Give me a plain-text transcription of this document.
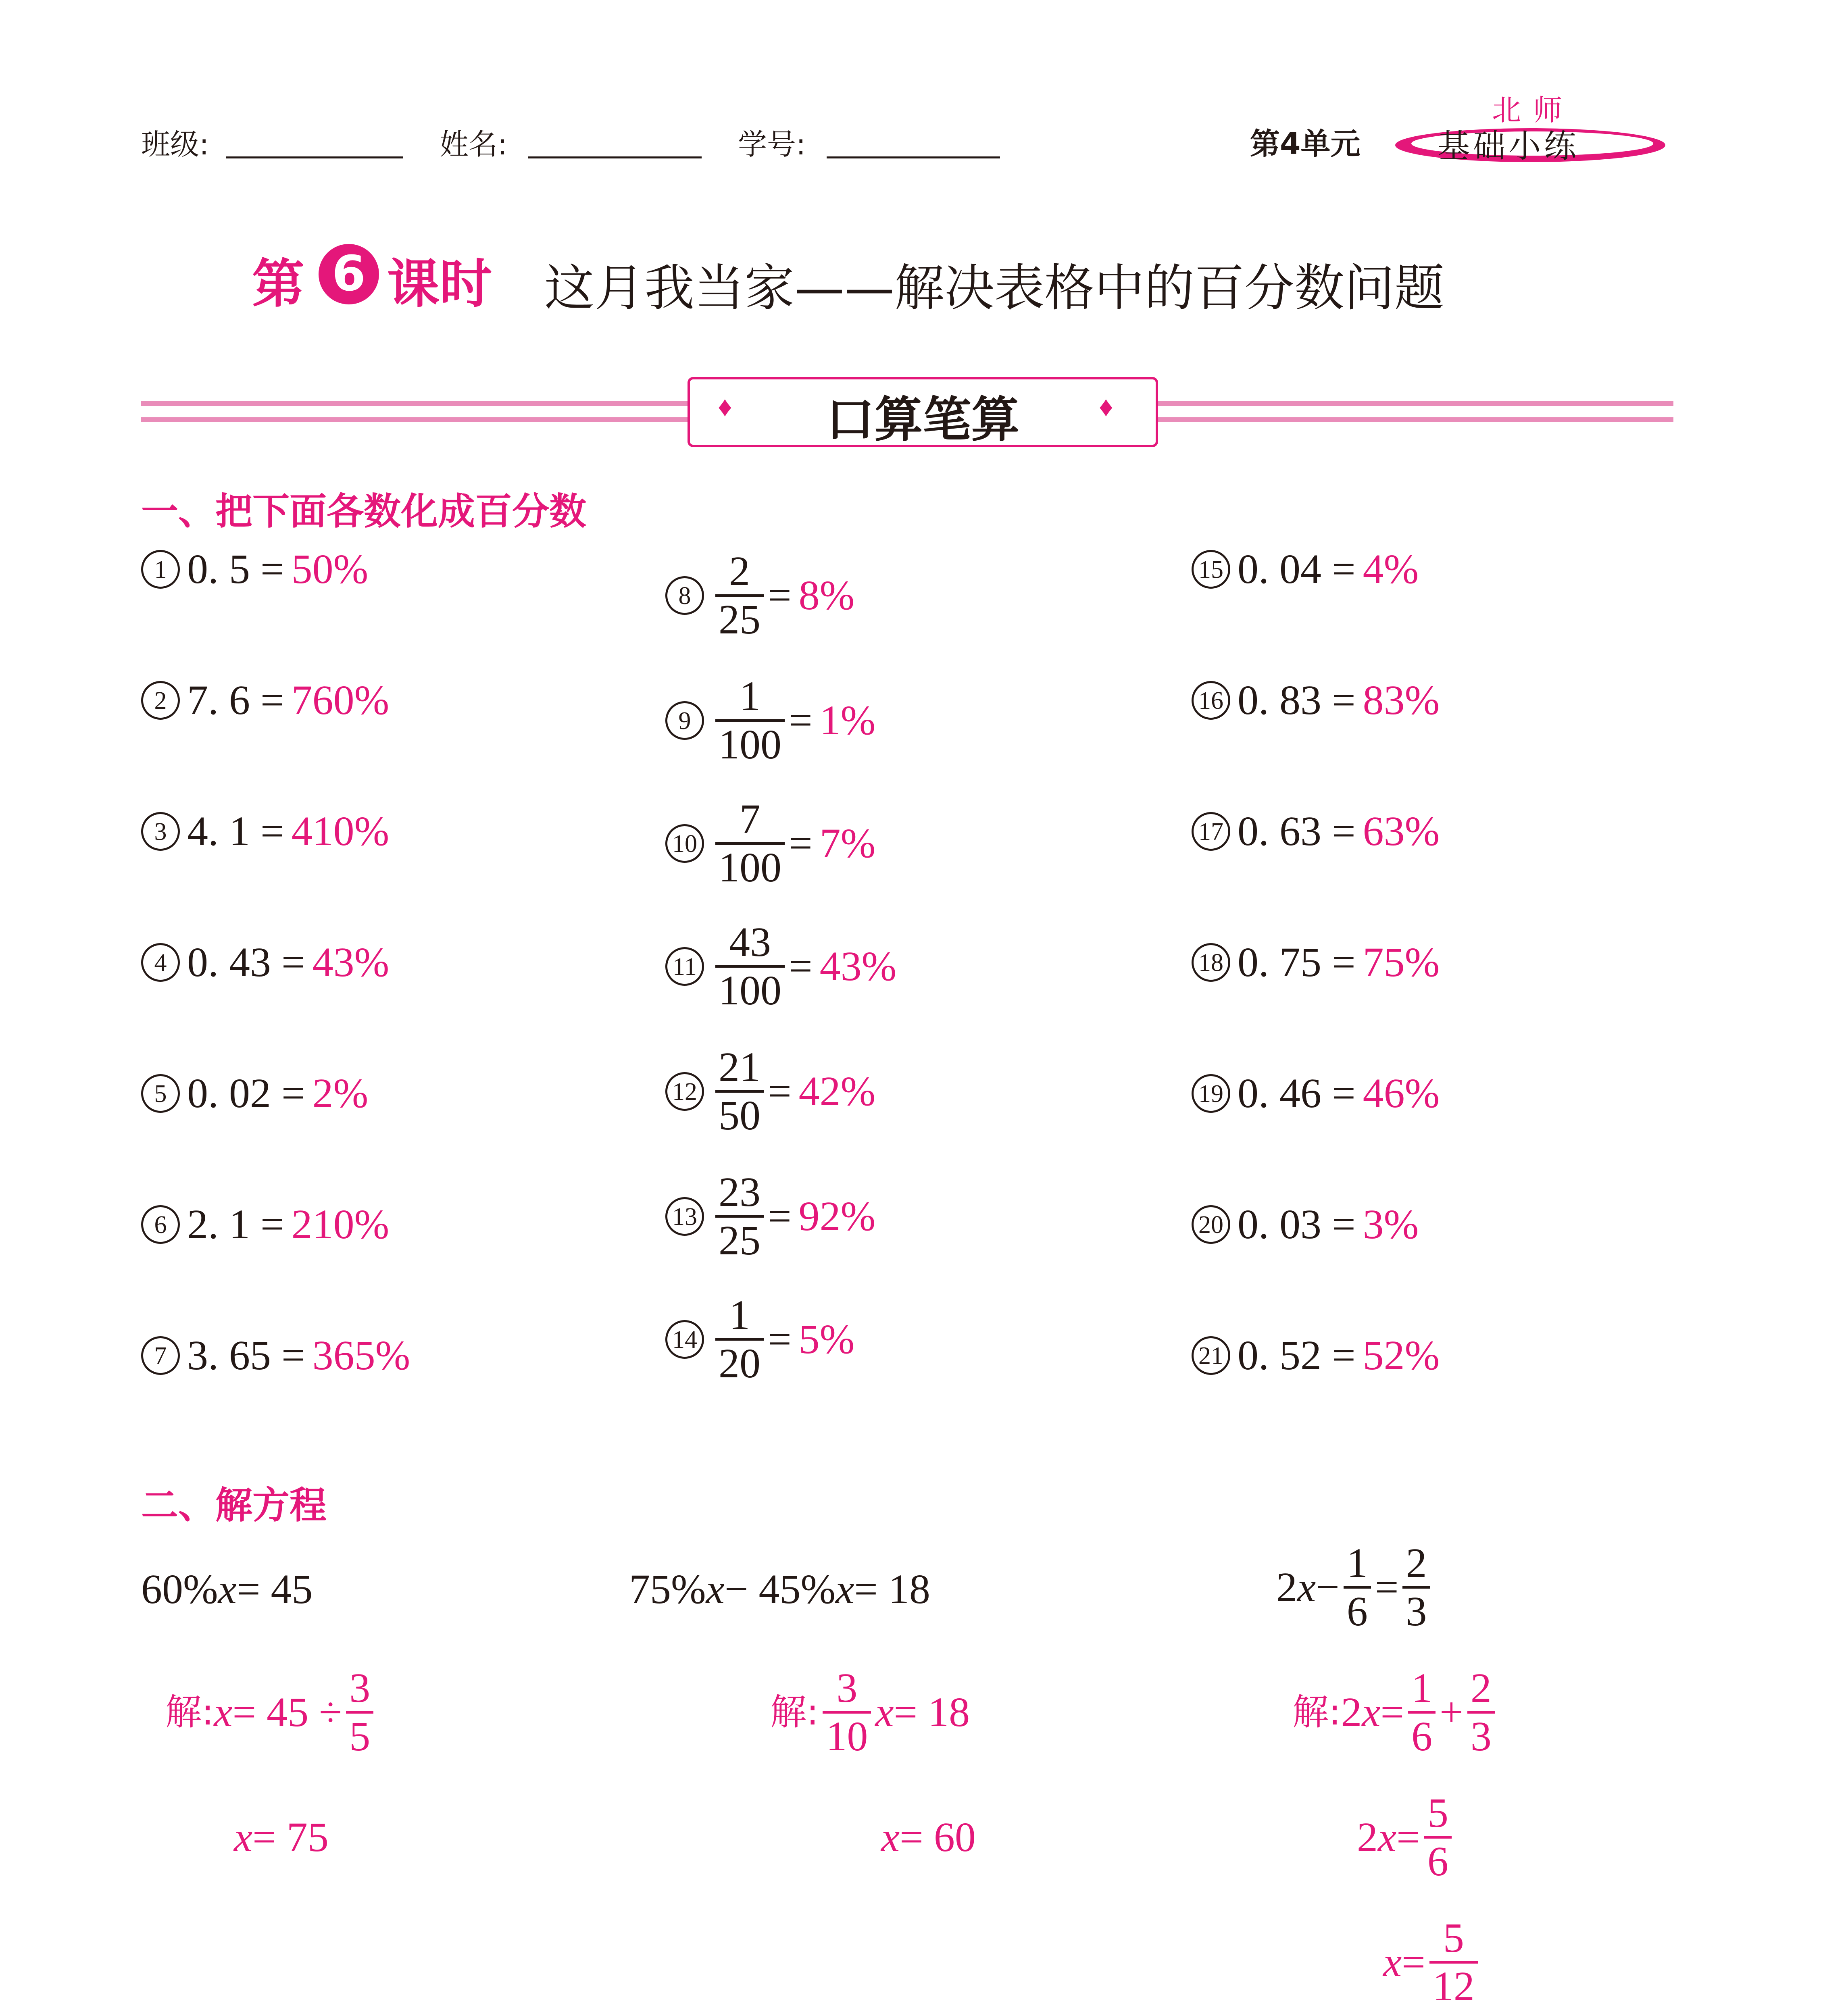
班级:	姓名:	学号:	第4单元
北师
基础小练
第 6 课时 这月我当家——解决表格中的百分数问题
口算笔算
♦	♦
一、把下面各数化成百分数
1 0. 5 = 50%
2 7. 6 = 760%
3 4. 1 = 410%
4 0. 43 = 43%
5 0. 02 = 2%
6 2. 1 = 210%
7 3. 65 = 365%
$8 \frac{2}{25} = 8\%$
$9 \frac{1}{100} = 1\%$
$10 \frac{7}{100} = 7\%$
$11 \frac{43}{100} = 43\%$
$12 \frac{21}{50} = 42\%$
$13 \frac{23}{25} = 92\%$
$14 \frac{1}{20} = 5\%$
15 0. 04 = 4%
16 0. 83 = 83%
17 0. 63 = 63%
18 0. 75 = 75%
19 0. 46 = 46%
20 0. 03 = 3%
21 0. 52 = 52%
二、解方程
60% x = 45
解: $x = 45 \div \frac{3}{5}$
x = 75
75% x − 45% x = 18
解: $\frac{3}{10}$ x = 18
x = 60
2 $x - \frac{1}{6} = \frac{2}{3}$
解: 2 $x = \frac{1}{6} + \frac{2}{3}$
2 $x = \frac{5}{6}$
$x = \frac{5}{12}$
